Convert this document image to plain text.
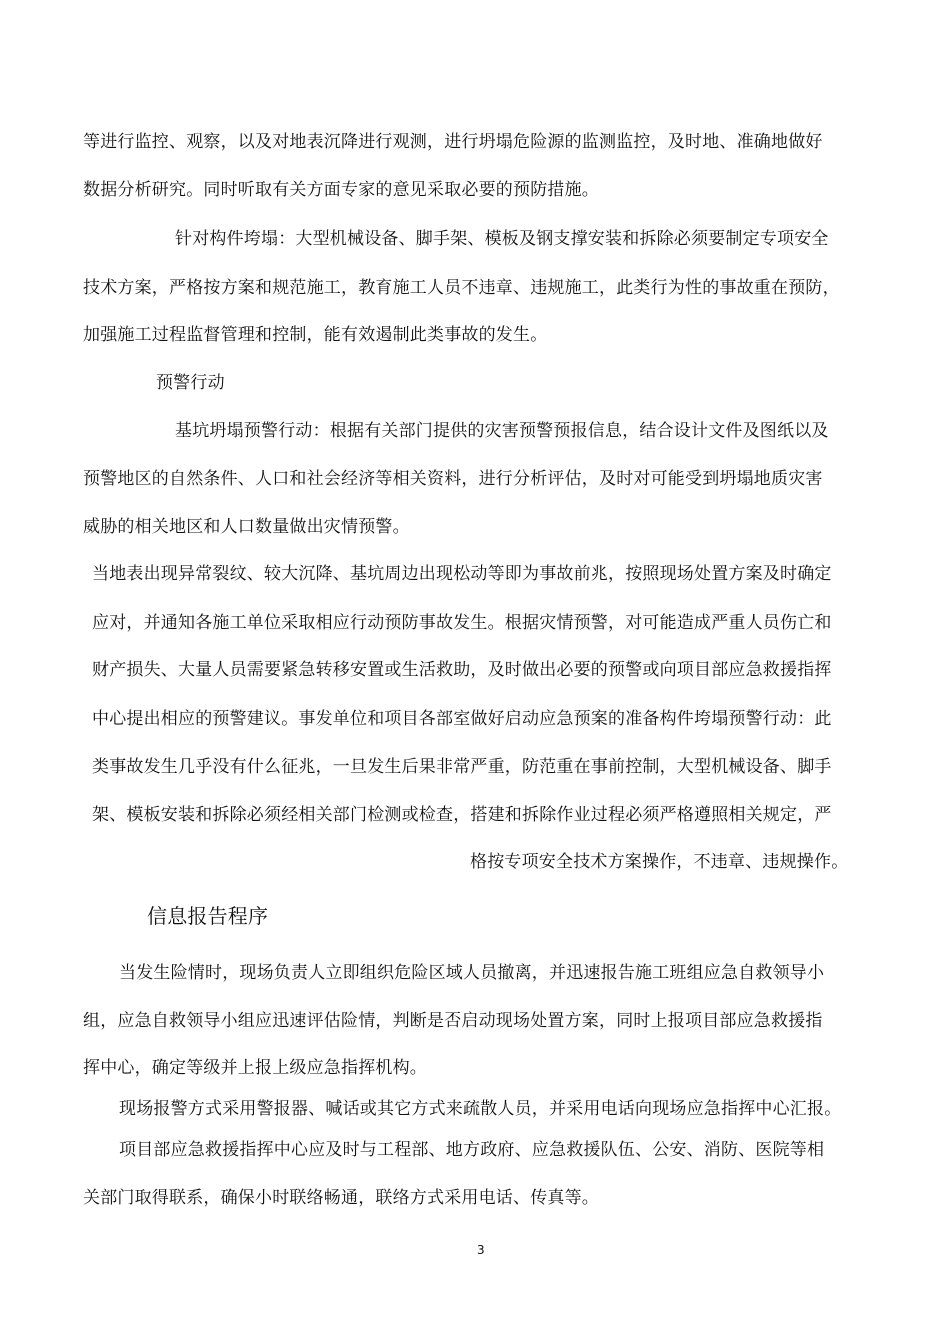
等进行监控、观察，以及对地表沉降进行观测，进行坍塌危险源的监测监控，及时地、准确地做好
数据分析研究。同时听取有关方面专家的意见采取必要的预防措施。
针对构件垮塌：大型机械设备、脚手架、模板及钢支撑安装和拆除必须要制定专项安全
技术方案，严格按方案和规范施工，教育施工人员不违章、违规施工，此类行为性的事故重在预防，
加强施工过程监督管理和控制，能有效遏制此类事故的发生。
预警行动
基坑坍塌预警行动：根据有关部门提供的灾害预警预报信息，结合设计文件及图纸以及
预警地区的自然条件、人口和社会经济等相关资料，进行分析评估，及时对可能受到坍塌地质灾害
威胁的相关地区和人口数量做出灾情预警。
当地表出现异常裂纹、较大沉降、基坑周边出现松动等即为事故前兆，按照现场处置方案及时确定
应对，并通知各施工单位采取相应行动预防事故发生。根据灾情预警，对可能造成严重人员伤亡和
财产损失、大量人员需要紧急转移安置或生活救助，及时做出必要的预警或向项目部应急救援指挥
中心提出相应的预警建议。事发单位和项目各部室做好启动应急预案的准备构件垮塌预警行动：此
类事故发生几乎没有什么征兆，一旦发生后果非常严重，防范重在事前控制，大型机械设备、脚手
架、模板安装和拆除必须经相关部门检测或检查，搭建和拆除作业过程必须严格遵照相关规定，严
格按专项安全技术方案操作，不违章、违规操作。
信息报告程序
当发生险情时，现场负责人立即组织危险区域人员撤离，并迅速报告施工班组应急自救领导小
组，应急自救领导小组应迅速评估险情，判断是否启动现场处置方案，同时上报项目部应急救援指
挥中心，确定等级并上报上级应急指挥机构。
现场报警方式采用警报器、喊话或其它方式来疏散人员，并采用电话向现场应急指挥中心汇报。
项目部应急救援指挥中心应及时与工程部、地方政府、应急救援队伍、公安、消防、医院等相
关部门取得联系，确保小时联络畅通，联络方式采用电话、传真等。
3
